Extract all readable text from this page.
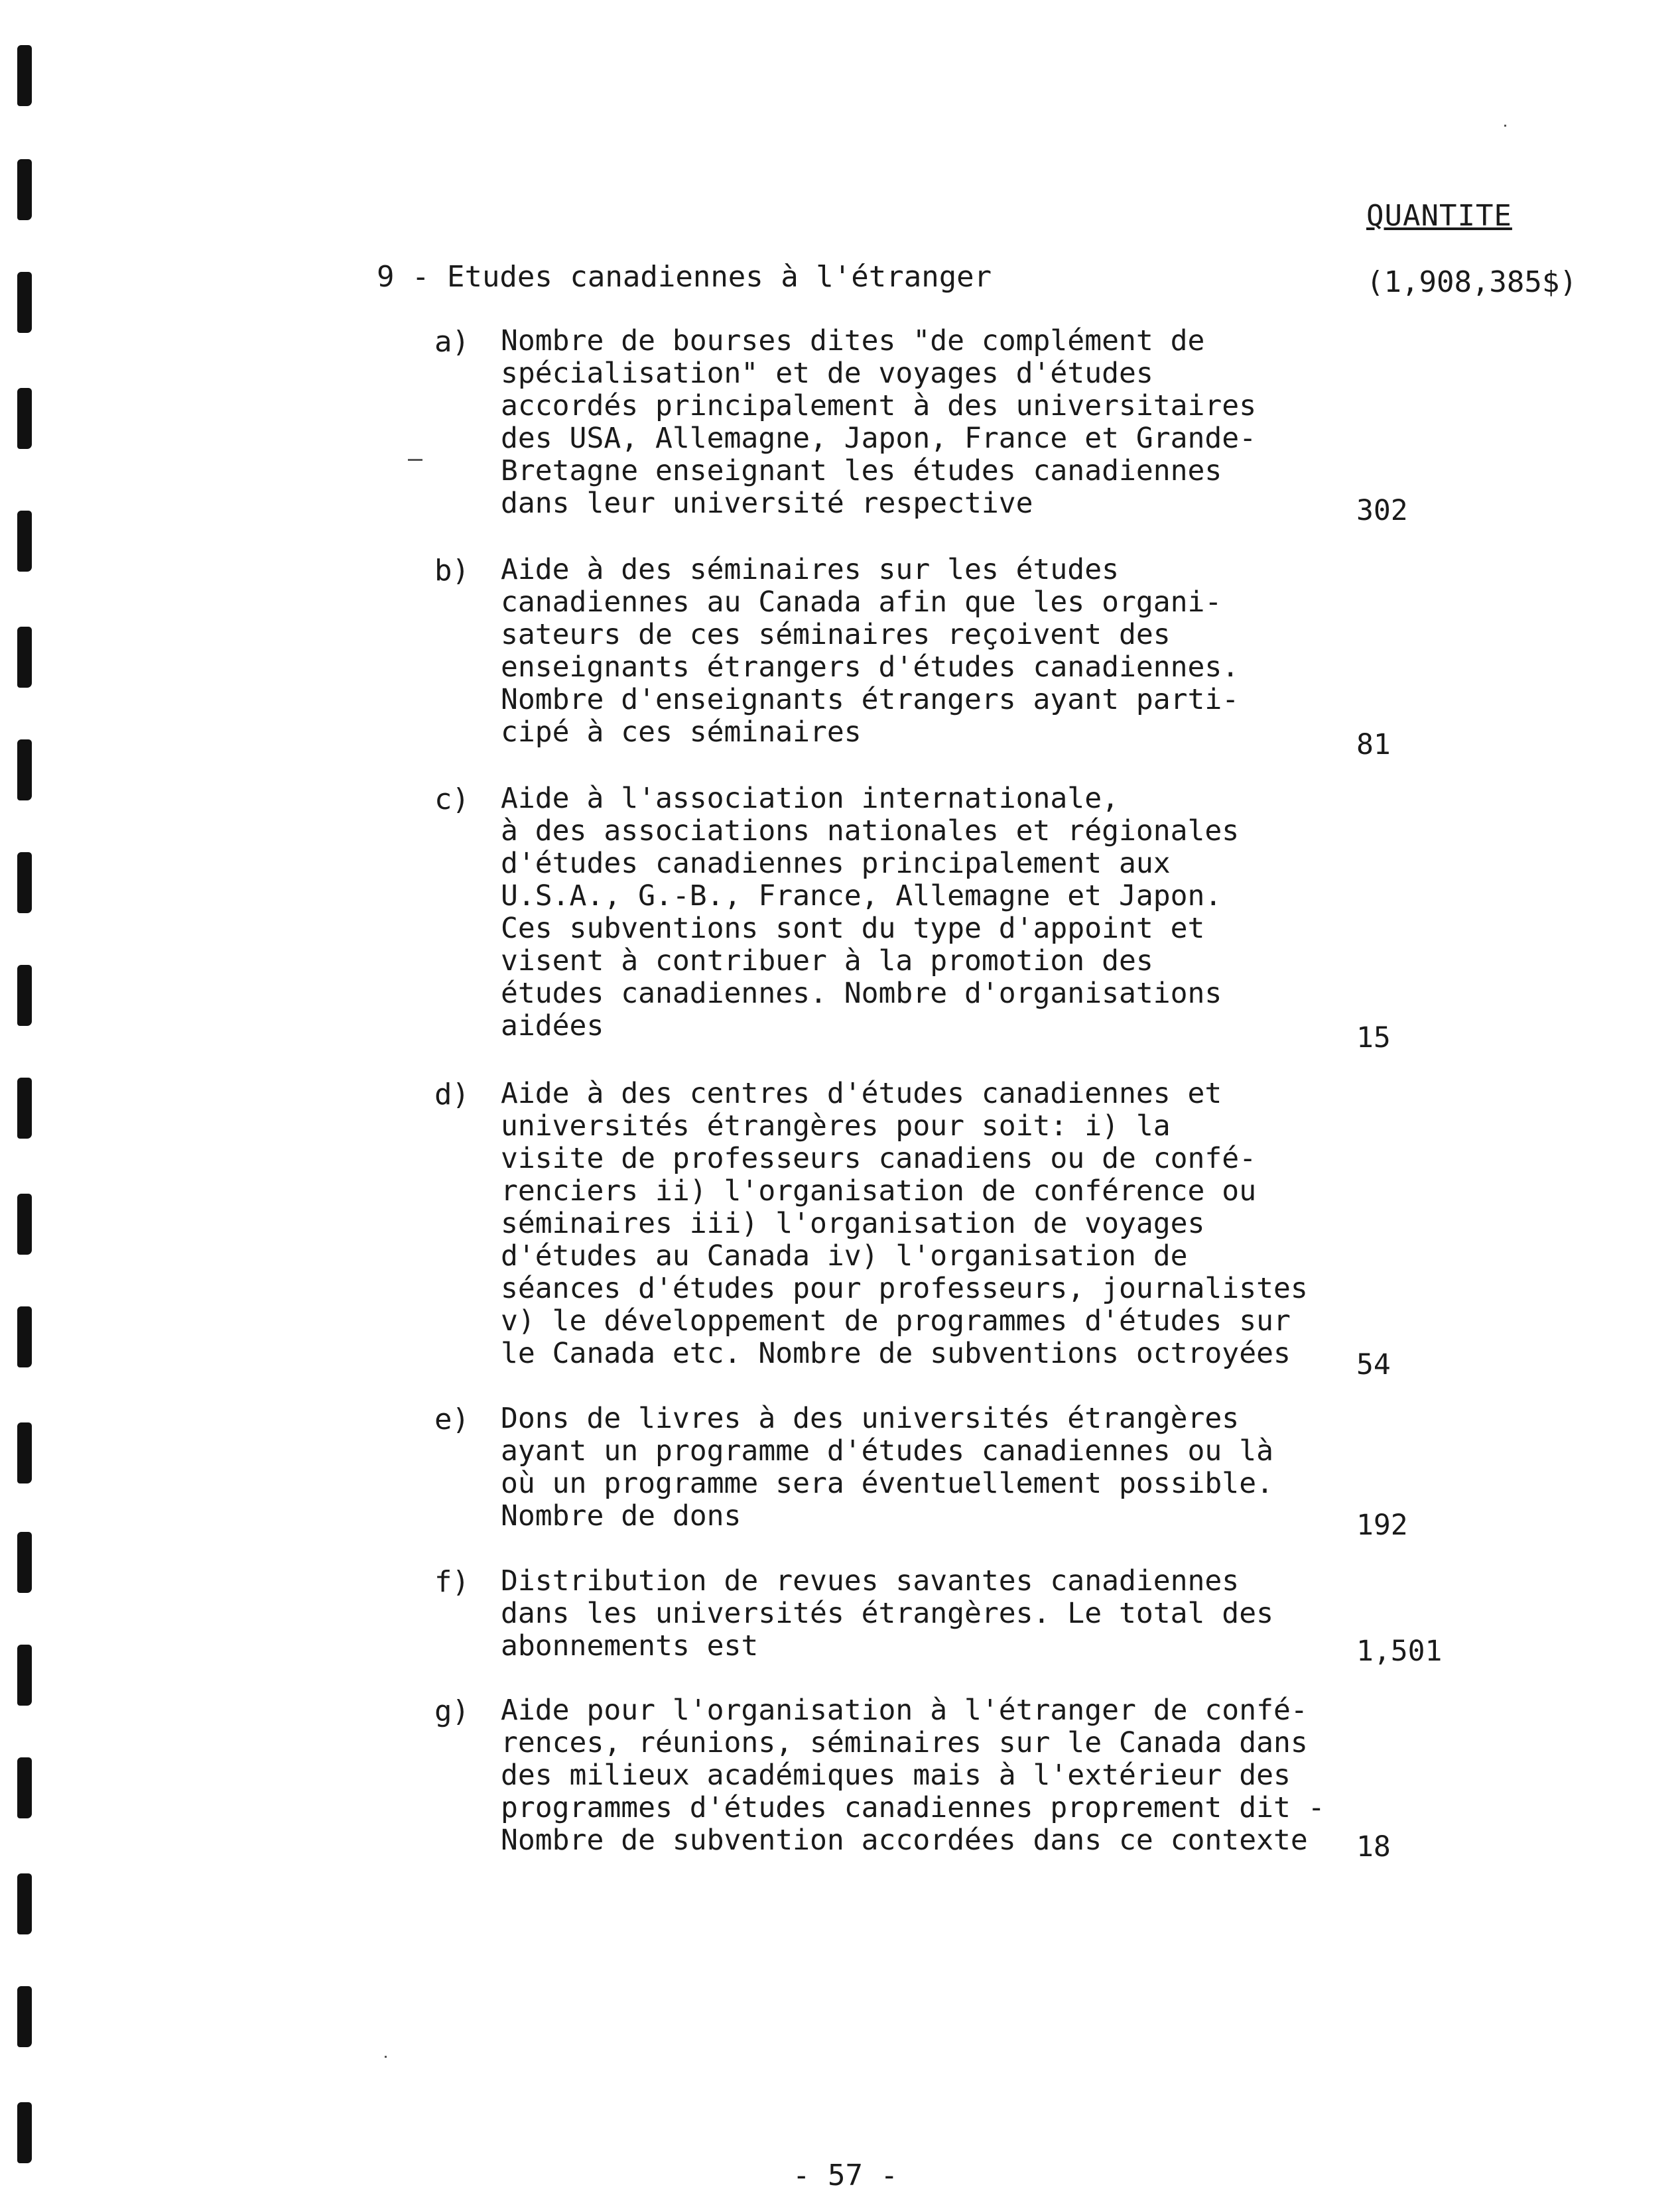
QUANTITE
9 - Etudes canadiennes à l'étranger	(1,908,385$)
a) Nombre de bourses dites "de complément de
spécialisation" et de voyages d'études
accordés principalement à des universitaires
des USA, Allemagne, Japon, France et Grande-
Bretagne enseignant les études canadiennes
dans leur université respective	302
b) Aide à des séminaires sur les études
canadiennes au Canada afin que les organi-
sateurs de ces séminaires reçoivent des
enseignants étrangers d'études canadiennes.
Nombre d'enseignants étrangers ayant parti-
cipé à ces séminaires	81
c) Aide à l'association internationale,
à des associations nationales et régionales
d'études canadiennes principalement aux
U.S.A., G.-B., France, Allemagne et Japon.
Ces subventions sont du type d'appoint et
visent à contribuer à la promotion des
études canadiennes. Nombre d'organisations
aidées	15
d) Aide à des centres d'études canadiennes et
universités étrangères pour soit: i) la
visite de professeurs canadiens ou de confé-
renciers ii) l'organisation de conférence ou
séminaires iii) l'organisation de voyages
d'études au Canada iv) l'organisation de
séances d'études pour professeurs, journalistes
v) le développement de programmes d'études sur
le Canada etc. Nombre de subventions octroyées	54
e) Dons de livres à des universités étrangères
ayant un programme d'études canadiennes ou là
où un programme sera éventuellement possible.
Nombre de dons	192
f) Distribution de revues savantes canadiennes
dans les universités étrangères. Le total des
abonnements est	1,501
g) Aide pour l'organisation à l'étranger de confé-
rences, réunions, séminaires sur le Canada dans
des milieux académiques mais à l'extérieur des
programmes d'études canadiennes proprement dit -
Nombre de subvention accordées dans ce contexte	18
- 57 -
